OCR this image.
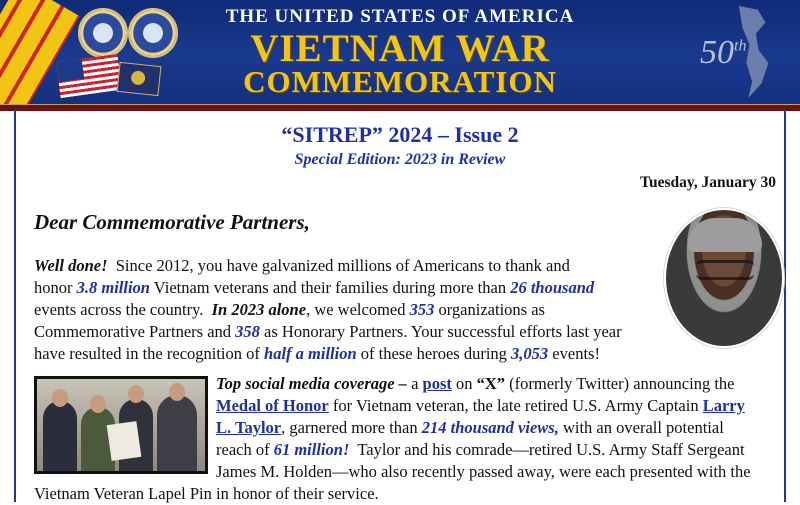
THE UNITED STATES OF AMERICA
VIETNAM WAR
COMMEMORATION
50th
“SITREP” 2024 – Issue 2
Special Edition: 2023 in Review
Tuesday, January 30
Dear Commemorative Partners,
Well done!  Since 2012, you have galvanized millions of Americans to thank and
honor 3.8 million Vietnam veterans and their families during more than 26 thousand
events across the country.  In 2023 alone, we welcomed 353 organizations as
Commemorative Partners and 358 as Honorary Partners. Your successful efforts last year
have resulted in the recognition of half a million of these heroes during 3,053 events!
Top social media coverage – a post on “X” (formerly Twitter) announcing the
Medal of Honor for Vietnam veteran, the late retired U.S. Army Captain Larry
L. Taylor, garnered more than 214 thousand views, with an overall potential
reach of 61 million!  Taylor and his comrade—retired U.S. Army Staff Sergeant
James M. Holden—who also recently passed away, were each presented with the
Vietnam Veteran Lapel Pin in honor of their service.
